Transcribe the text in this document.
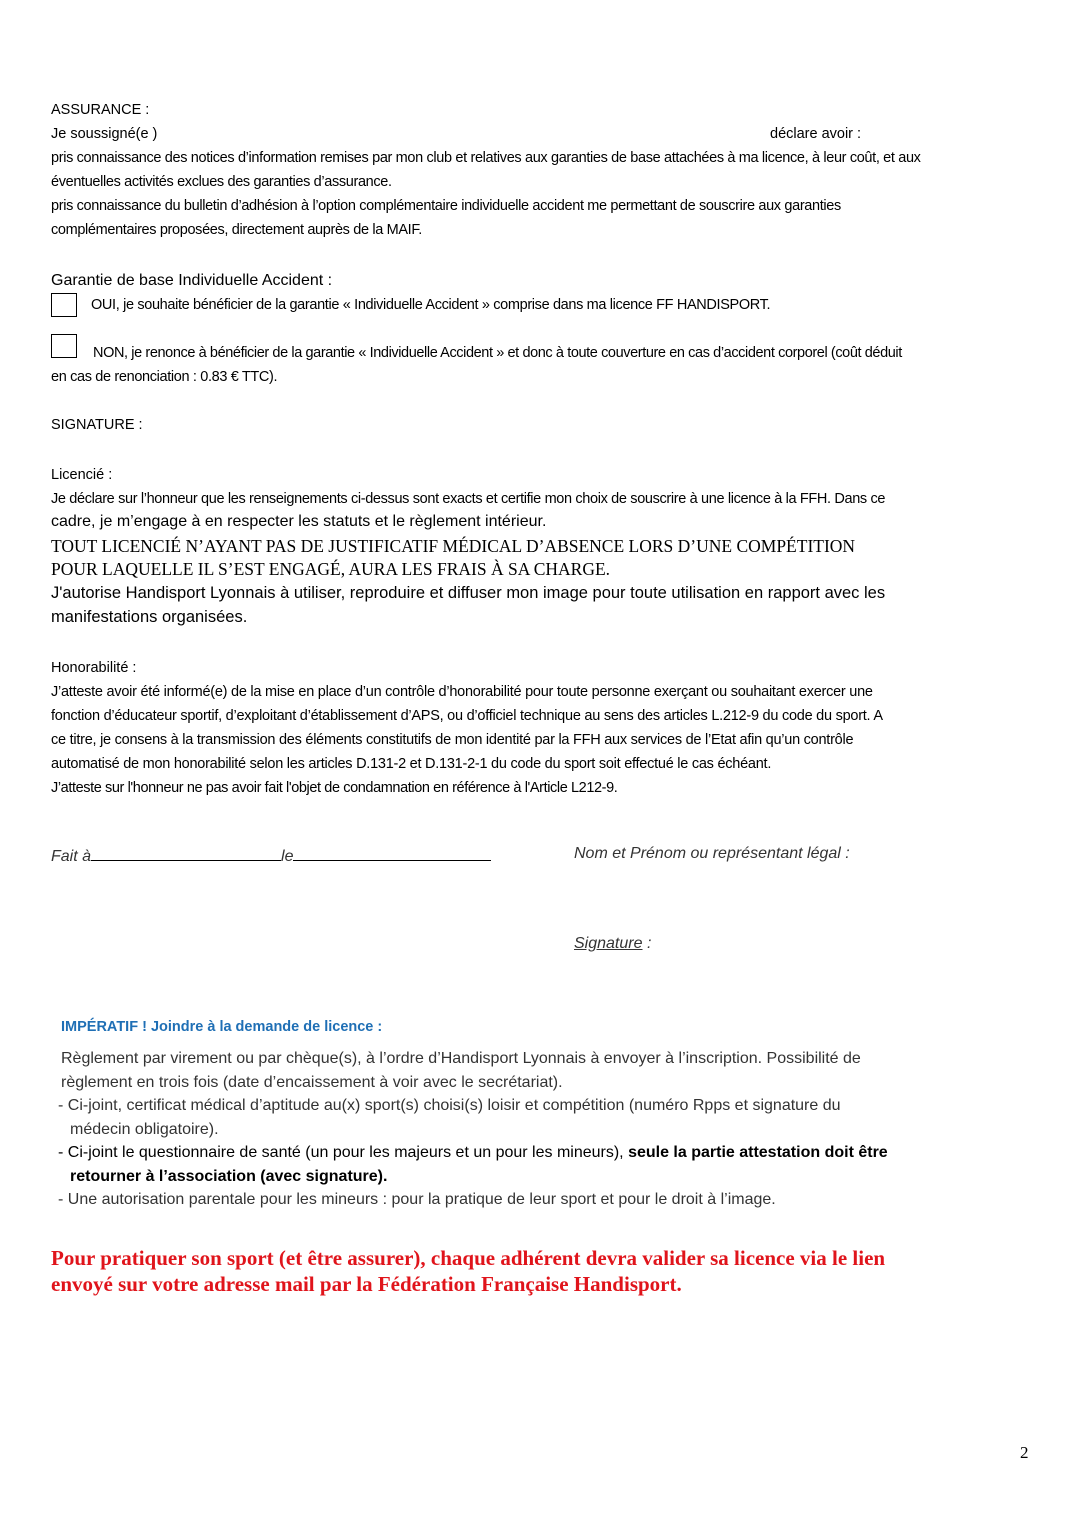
ASSURANCE :

Je soussigné(e )	déclare avoir :

pris connaissance des notices d’information remises par mon club et relatives aux garanties de base attachées à ma licence, à leur coût, et aux

éventuelles activités exclues des garanties d’assurance.

pris connaissance du bulletin d’adhésion à l’option complémentaire individuelle accident me permettant de souscrire aux garanties

complémentaires proposées, directement auprès de la MAIF.

Garantie de base Individuelle Accident :
OUI, je souhaite bénéficier de la garantie « Individuelle Accident » comprise dans ma licence FF HANDISPORT.
NON, je renonce à bénéficier de la garantie « Individuelle Accident » et donc à toute couverture en cas d’accident corporel (coût déduit
en cas de renonciation : 0.83 € TTC).
SIGNATURE :
Licencié :
Je déclare sur l’honneur que les renseignements ci-dessus sont exacts et certifie mon choix de souscrire à une licence à la FFH. Dans ce
cadre, je m’engage à en respecter les statuts et le règlement intérieur.
TOUT LICENCIÉ N’AYANT PAS DE JUSTIFICATIF MÉDICAL D’ABSENCE LORS D’UNE COMPÉTITION
POUR LAQUELLE IL S’EST ENGAGÉ, AURA LES FRAIS À SA CHARGE.
J'autorise Handisport Lyonnais à utiliser, reproduire et diffuser mon image pour toute utilisation en rapport avec les
manifestations organisées.
Honorabilité :

J’atteste avoir été informé(e) de la mise en place d’un contrôle d’honorabilité pour toute personne exerçant ou souhaitant exercer une

fonction d’éducateur sportif, d’exploitant d’établissement d’APS, ou d’officiel technique au sens des articles L.212-9 du code du sport. A

ce titre, je consens à la transmission des éléments constitutifs de mon identité par la FFH aux services de l’Etat afin qu’un contrôle

automatisé de mon honorabilité selon les articles D.131-2 et D.131-2-1 du code du sport soit effectué le cas échéant.

J’atteste sur l'honneur ne pas avoir fait l'objet de condamnation en référence à l'Article L212-9.

Fait à	le	Nom et Prénom ou représentant légal :
Signature :
IMPÉRATIF ! Joindre à la demande de licence :

Règlement par virement ou par chèque(s), à l’ordre d’Handisport Lyonnais à envoyer à l’inscription. Possibilité de

règlement en trois fois (date d’encaissement à voir avec le secrétariat).

- Ci-joint, certificat médical d’aptitude au(x) sport(s) choisi(s) loisir et compétition (numéro Rpps et signature du

médecin obligatoire).

- Ci-joint le questionnaire de santé (un pour les majeurs et un pour les mineurs), seule la partie attestation doit être

retourner à l’association (avec signature).

- Une autorisation parentale pour les mineurs : pour la pratique de leur sport et pour le droit à l’image.

Pour pratiquer son sport (et être assurer), chaque adhérent devra valider sa licence via le lien
envoyé sur votre adresse mail par la Fédération Française Handisport.
2
